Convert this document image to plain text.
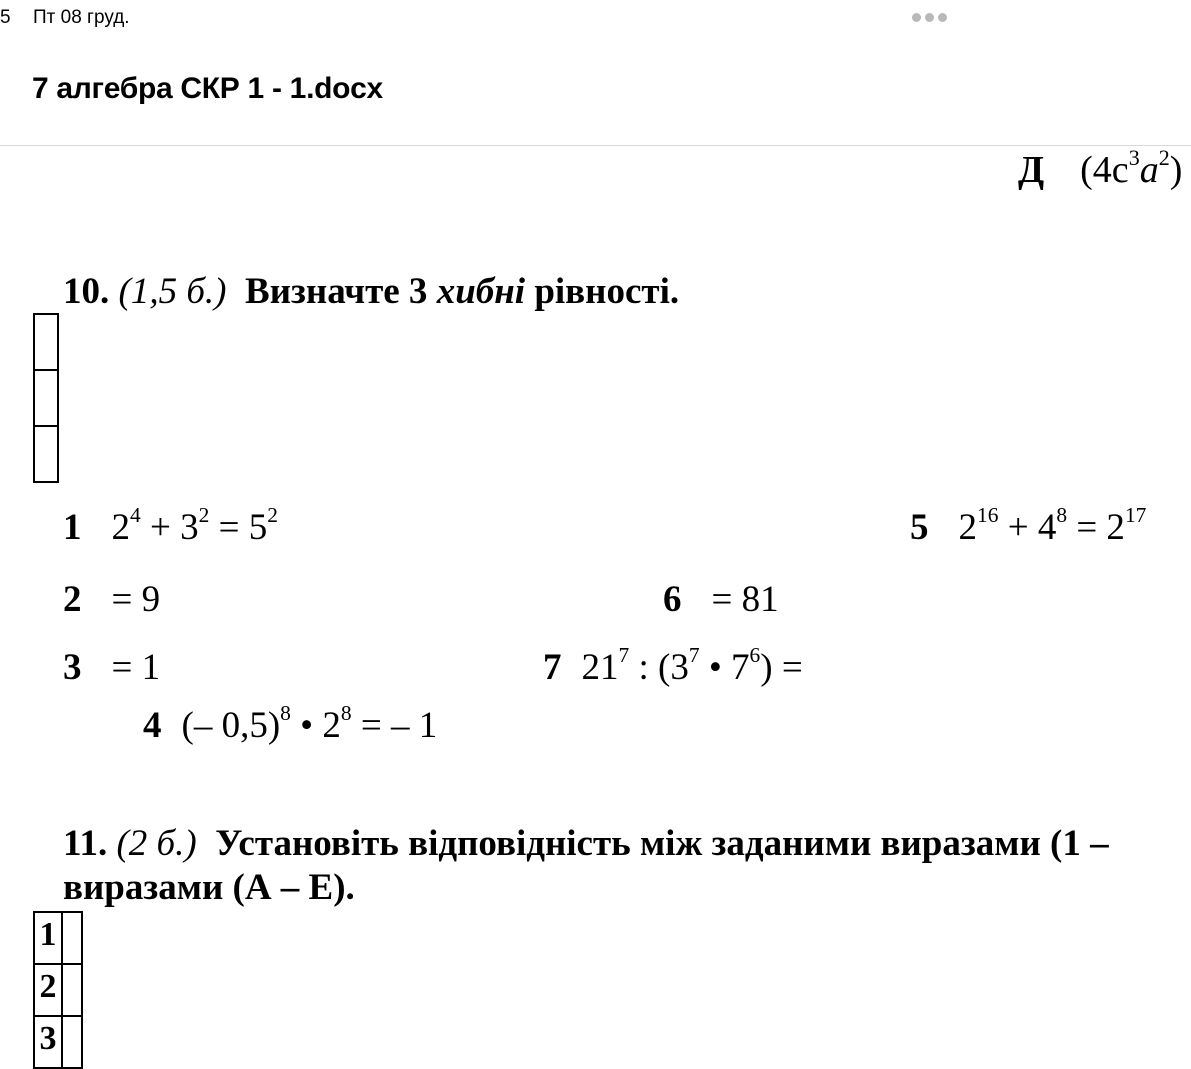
5 Пт 08 груд.
7 алгебра СКР 1 - 1.docx
Д $(4c^3a^2)$
10. (1,5 б.) Визначте 3 хибні рівності.
1 $2^4 + 3^2 = 5^2$	5 $2^{16} + 4^8 = 2^{17}$
2 = 9	6 = 81
3 = 1	7 $21^7$ : ($3^7$ • $7^6$) =
4 (– 0,5)$^8$ • $2^8$ = – 1
11. (2 б.) Установіть відповідність між заданими виразами (1 –
виразами (А – Е).
1	
2	
3	
